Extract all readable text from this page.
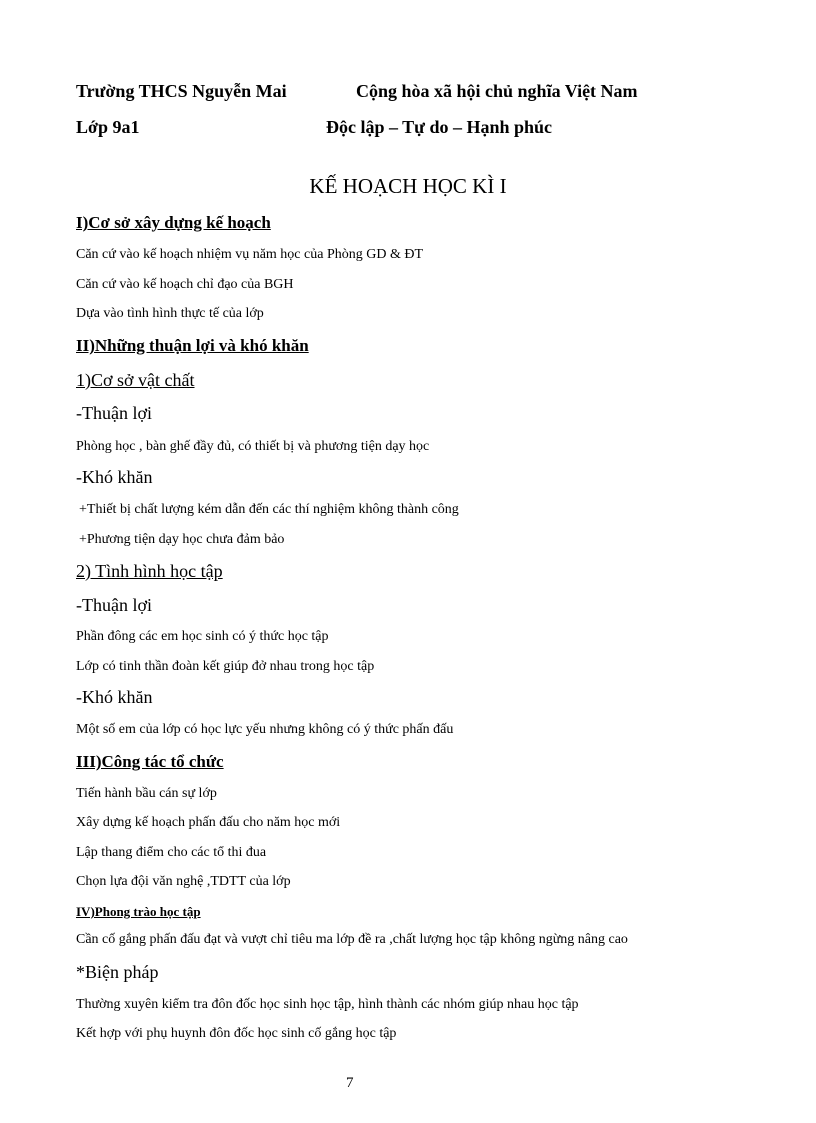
Trường THCS Nguyễn Mai	Cộng hòa xã hội chủ nghĩa Việt Nam
Lớp 9a1	Độc lập – Tự do – Hạnh phúc
KẾ HOẠCH HỌC KÌ I
I)Cơ sở xây dựng kế hoạch
Căn cứ vào kế hoạch nhiệm vụ năm học của Phòng GD & ĐT
Căn cứ vào kế hoạch chỉ đạo của BGH
Dựa vào tình hình thực tế của lớp
II)Những thuận lợi và khó khăn
1)Cơ sở vật chất
-Thuận lợi
Phòng học , bàn ghế đầy đủ, có thiết bị và phương tiện dạy học
-Khó khăn
+Thiết bị chất lượng kém dẫn đến các thí nghiệm không thành công
+Phương tiện dạy học chưa đảm bảo
2) Tình hình học tập
-Thuận lợi
Phần đông các em học sinh có ý thức học tập
Lớp có tinh thần đoàn kết giúp đở nhau trong học tập
-Khó khăn
Một số em của lớp có học lực yếu nhưng không có ý thức phấn đấu
III)Công tác tổ chức
Tiến hành bầu cán sự lớp
Xây dựng kế hoạch phấn đấu cho năm học mới
Lập thang điểm cho các tổ thi đua
Chọn lựa đội văn nghệ ,TDTT của lớp
IV)Phong trào học tập
Cần cố gắng phấn đấu đạt và vượt chỉ tiêu ma lớp đề ra ,chất lượng học tập không ngừng nâng cao
*Biện pháp
Thường xuyên kiểm tra đôn đốc học sinh học tập, hình thành các nhóm giúp nhau học tập
Kết hợp với phụ huynh đôn đốc học sinh cố gắng học tập
7
